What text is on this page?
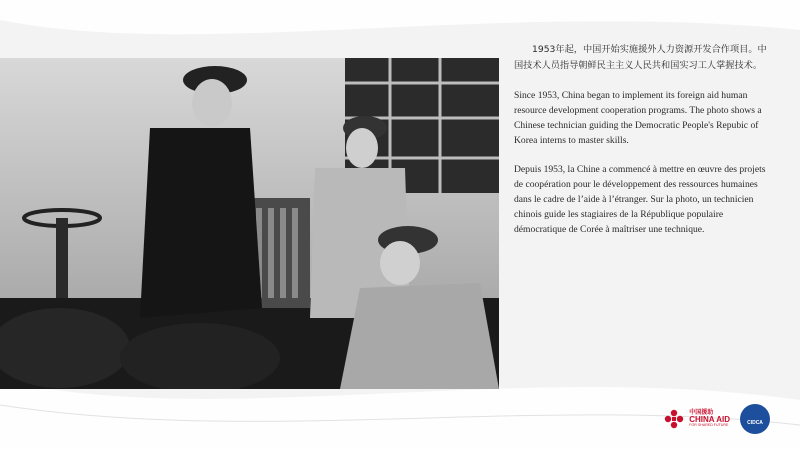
1953年起，中国开始实施援外人力资源开发合作项目。中国技术人员指导朝鲜民主主义人民共和国实习工人掌握技术。

Since 1953, China began to implement its foreign aid human resource development cooperation programs. The photo shows a Chinese technician guiding the Democratic People's Repubic of Korea interns to master skills.

Depuis 1953, la Chine a commencé à mettre en œuvre des projets de coopération pour le développement des ressources humaines dans le cadre de l’aide à l’étranger. Sur la photo, un technicien chinois guide les stagiaires de la République populaire démocratique de Corée à maîtriser une technique.

中国援助
CHINA AID
FOR SHARED FUTURE	CIDCA
